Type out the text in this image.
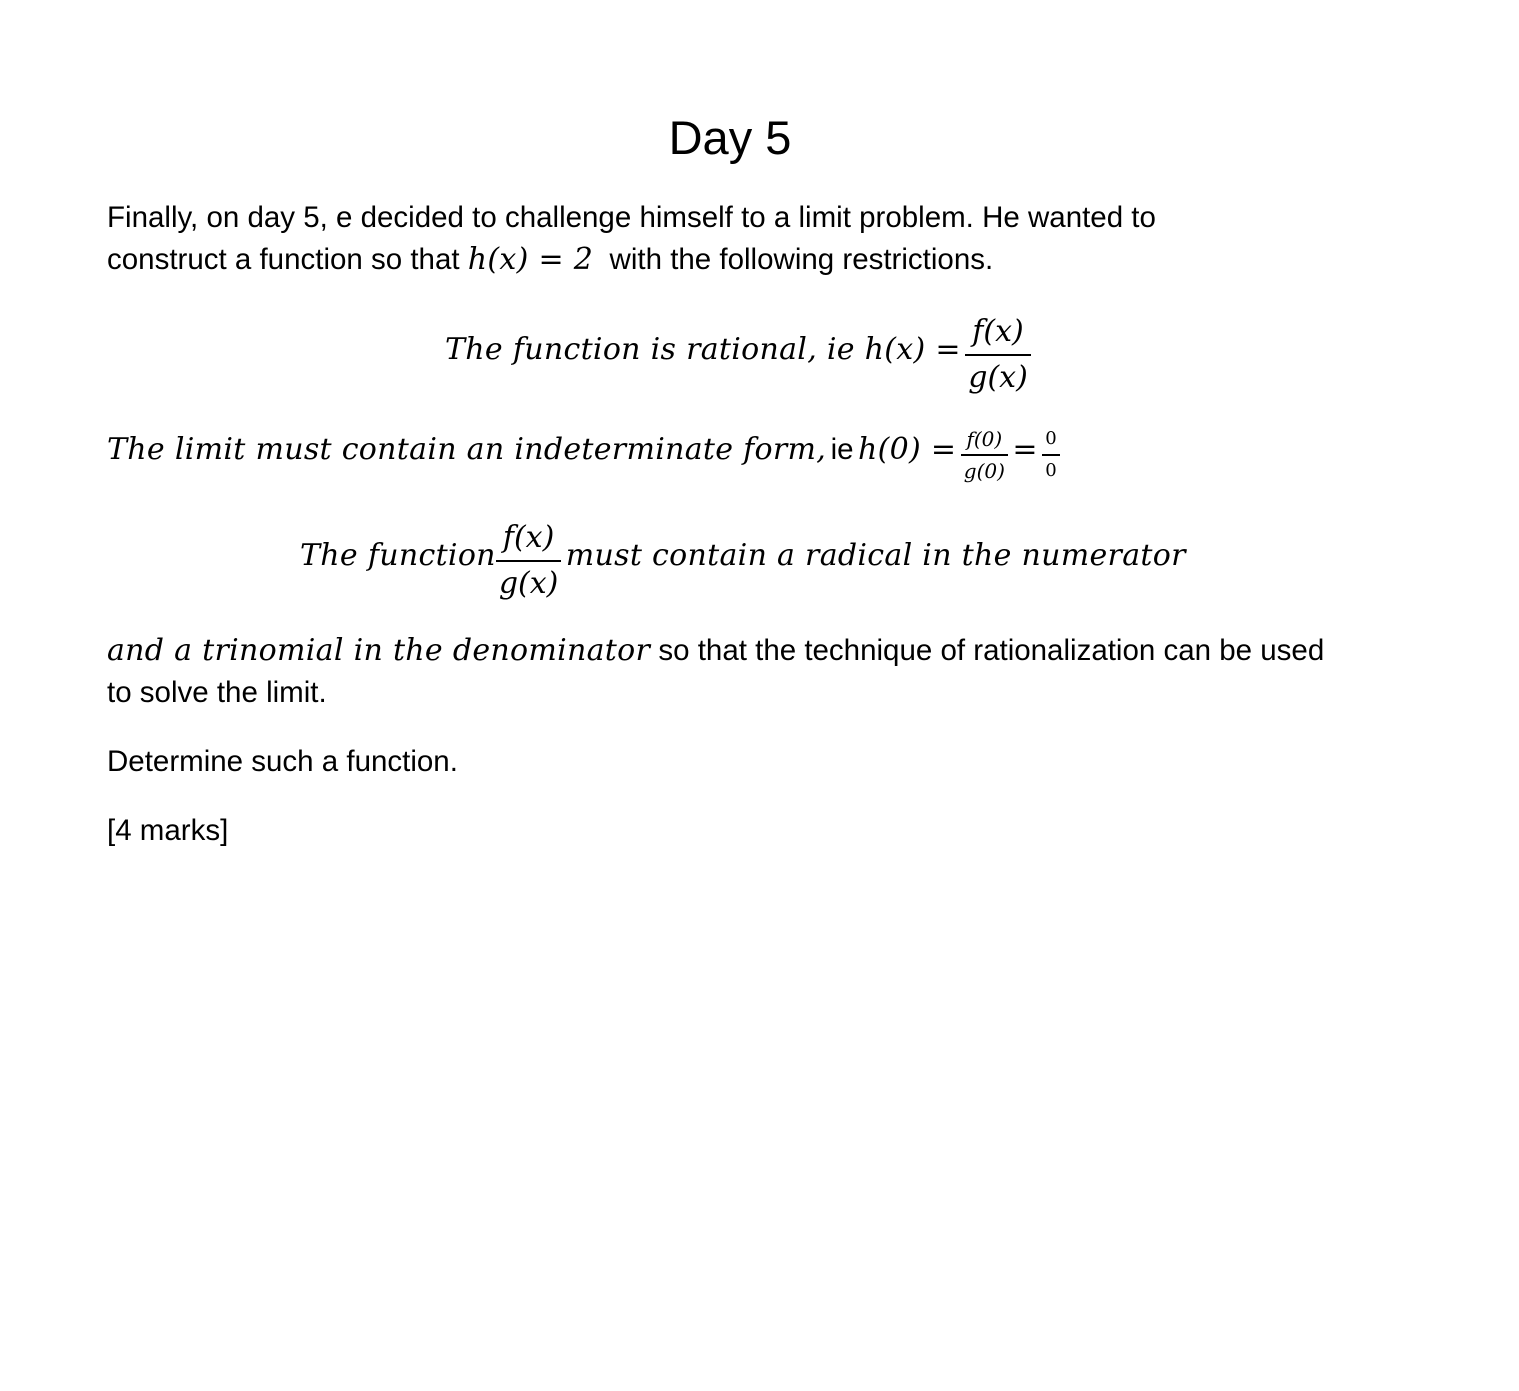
Day 5
Finally, on day 5, e decided to challenge himself to a limit problem. He wanted to
construct a function so that h(x) = 2 with the following restrictions.
The function is rational, ie $h(x) = \frac{f(x)}{g(x)}$
The limit must contain an indeterminate form, ie $h(0) = \frac{f(0)}{g(0)} = \frac{0}{0}$
The function $\frac{f(x)}{g(x)}$ must contain a radical in the numerator
and a trinomial in the denominator so that the technique of rationalization can be used
to solve the limit.
Determine such a function.
[4 marks]
